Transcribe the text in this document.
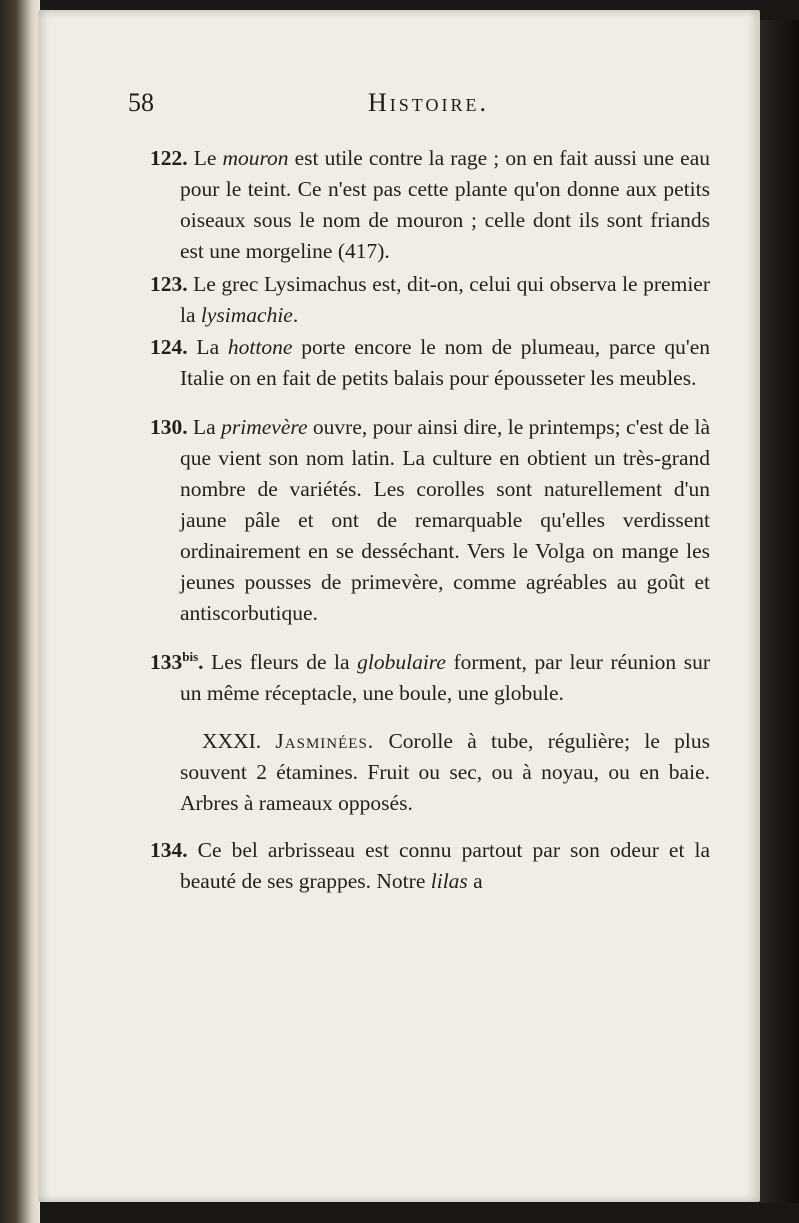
58	Histoire.

122. Le mouron est utile contre la rage ; on en fait aussi une eau pour le teint. Ce n'est pas cette plante qu'on donne aux petits oiseaux sous le nom de mouron ; celle dont ils sont friands est une morgeline (417).

123. Le grec Lysimachus est, dit-on, celui qui observa le premier la lysimachie.

124. La hottone porte encore le nom de plumeau, parce qu'en Italie on en fait de petits balais pour épousseter les meubles.

130. La primevère ouvre, pour ainsi dire, le printemps; c'est de là que vient son nom latin. La culture en obtient un très-grand nombre de variétés. Les corolles sont naturellement d'un jaune pâle et ont de remarquable qu'elles verdissent ordinairement en se desséchant. Vers le Volga on mange les jeunes pousses de primevère, comme agréables au goût et antiscorbutique.

$133^{bis}$. Les fleurs de la globulaire forment, par leur réunion sur un même réceptacle, une boule, une globule.

XXXI. Jasminées. Corolle à tube, régulière; le plus souvent 2 étamines. Fruit ou sec, ou à noyau, ou en baie. Arbres à rameaux opposés.

134. Ce bel arbrisseau est connu partout par son odeur et la beauté de ses grappes. Notre lilas a
